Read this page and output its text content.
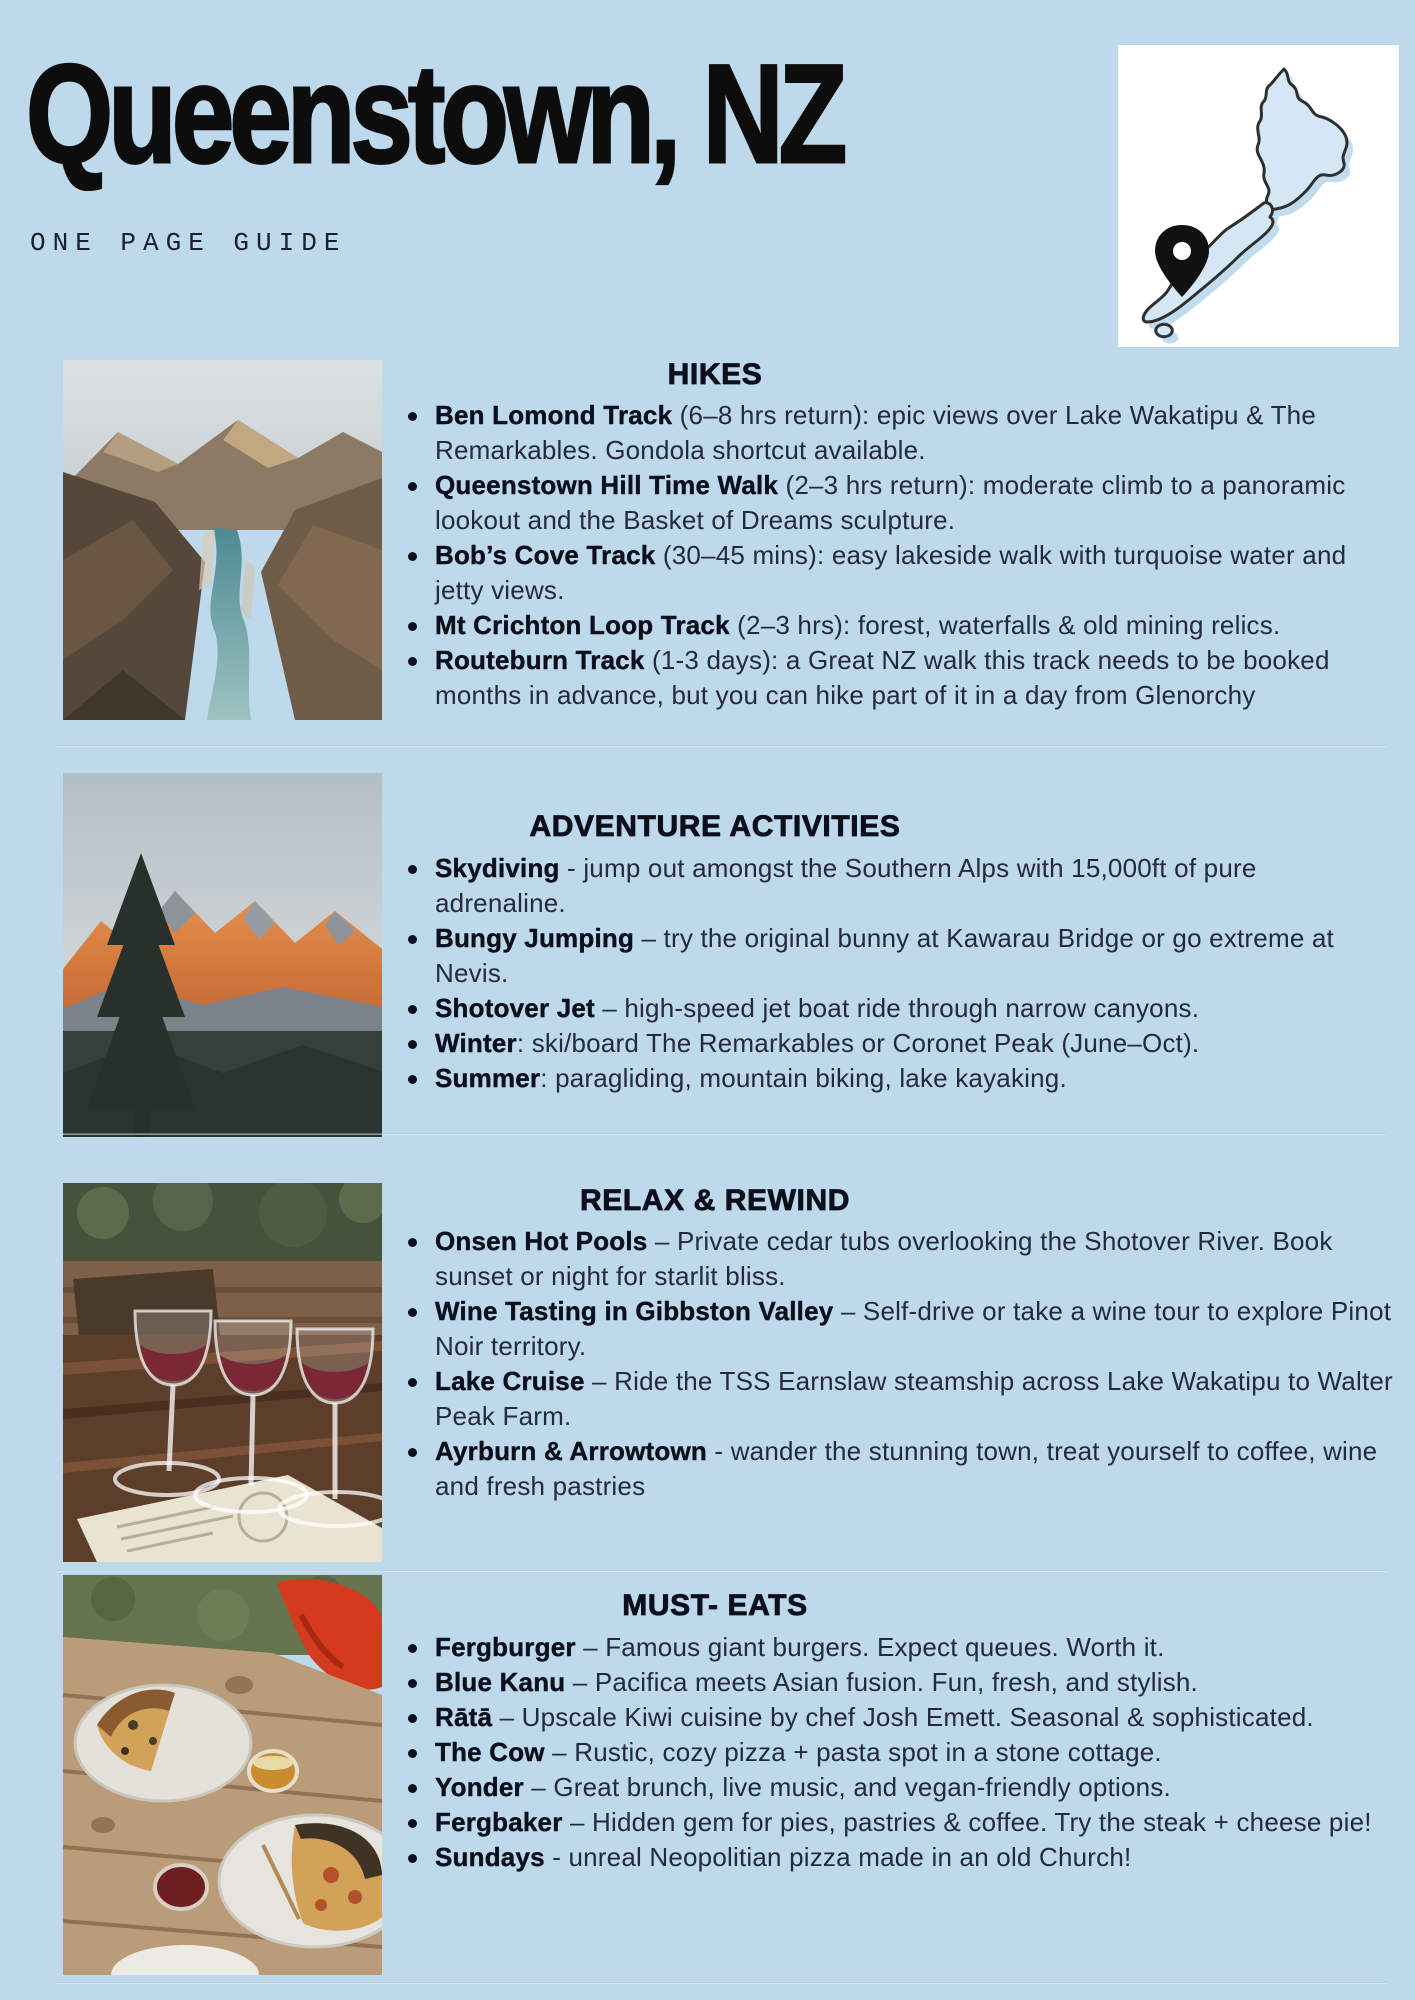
Queenstown, NZ
ONE PAGE GUIDE
HIKES
Ben Lomond Track (6–8 hrs return): epic views over Lake Wakatipu & The Remarkables. Gondola shortcut available.
Queenstown Hill Time Walk (2–3 hrs return): moderate climb to a panoramic lookout and the Basket of Dreams sculpture.
Bob’s Cove Track (30–45 mins): easy lakeside walk with turquoise water and jetty views.
Mt Crichton Loop Track (2–3 hrs): forest, waterfalls & old mining relics.
Routeburn Track (1-3 days): a Great NZ walk this track needs to be booked months in advance, but you can hike part of it in a day from Glenorchy
ADVENTURE ACTIVITIES
Skydiving - jump out amongst the Southern Alps with 15,000ft of pure adrenaline.
Bungy Jumping – try the original bunny at Kawarau Bridge or go extreme at Nevis.
Shotover Jet – high-speed jet boat ride through narrow canyons.
Winter: ski/board The Remarkables or Coronet Peak (June–Oct).
Summer: paragliding, mountain biking, lake kayaking.
RELAX & REWIND
Onsen Hot Pools – Private cedar tubs overlooking the Shotover River. Book sunset or night for starlit bliss.
Wine Tasting in Gibbston Valley – Self-drive or take a wine tour to explore Pinot Noir territory.
Lake Cruise – Ride the TSS Earnslaw steamship across Lake Wakatipu to Walter Peak Farm.
Ayrburn & Arrowtown - wander the stunning town, treat yourself to coffee, wine and fresh pastries
MUST- EATS
Fergburger – Famous giant burgers. Expect queues. Worth it.
Blue Kanu – Pacifica meets Asian fusion. Fun, fresh, and stylish.
Rātā – Upscale Kiwi cuisine by chef Josh Emett. Seasonal & sophisticated.
The Cow – Rustic, cozy pizza + pasta spot in a stone cottage.
Yonder – Great brunch, live music, and vegan-friendly options.
Fergbaker – Hidden gem for pies, pastries & coffee. Try the steak + cheese pie!
Sundays - unreal Neopolitian pizza made in an old Church!
